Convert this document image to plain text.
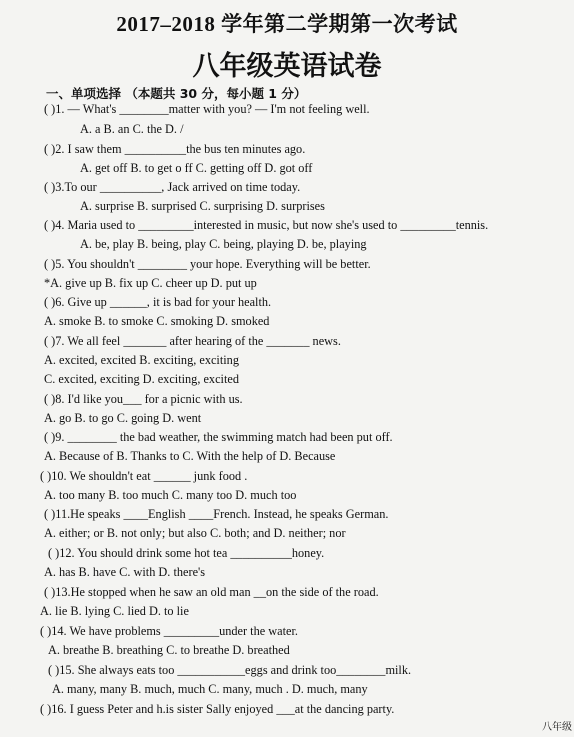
2017–2018 学年第二学期第一次考试
八年级英语试卷
一、单项选择 （本题共 30 分，每小题 1 分）
( )1. — What's ________matter with you? — I'm not feeling well.
A. a B. an C. the D. /
( )2. I saw them __________the bus ten minutes ago.
A. get off B. to get o ff C. getting off D. got off
( )3.To our __________, Jack arrived on time today.
A. surprise B. surprised C. surprising D. surprises
( )4. Maria used to _________interested in music, but now she's used to _________tennis.
A. be, play B. being, play C. being, playing D. be, playing
( )5. You shouldn't ________ your hope. Everything will be better.
*A. give up B. fix up C. cheer up D. put up
( )6. Give up ______, it is bad for your health.
A. smoke B. to smoke C. smoking D. smoked
( )7. We all feel _______ after hearing of the _______ news.
A. excited, excited B. exciting, exciting
C. excited, exciting D. exciting, excited
( )8. I'd like you___ for a picnic with us.
A. go B. to go C. going D. went
( )9. ________ the bad weather, the swimming match had been put off.
A. Because of B. Thanks to C. With the help of D. Because
( )10. We shouldn't eat ______ junk food .
A. too many B. too much C. many too D. much too
( )11.He speaks ____English ____French. Instead, he speaks German.
A. either; or B. not only; but also C. both; and D. neither; nor
( )12. You should drink some hot tea __________honey.
A. has B. have C. with D. there's
( )13.He stopped when he saw an old man __on the side of the road.
A. lie B. lying C. lied D. to lie
( )14. We have problems _________under the water.
A. breathe B. breathing C. to breathe D. breathed
( )15. She always eats too ___________eggs and drink too________milk.
A. many, many B. much, much C. many, much . D. much, many
( )16. I guess Peter and h.is sister Sally enjoyed ___at the dancing party.
八年级
